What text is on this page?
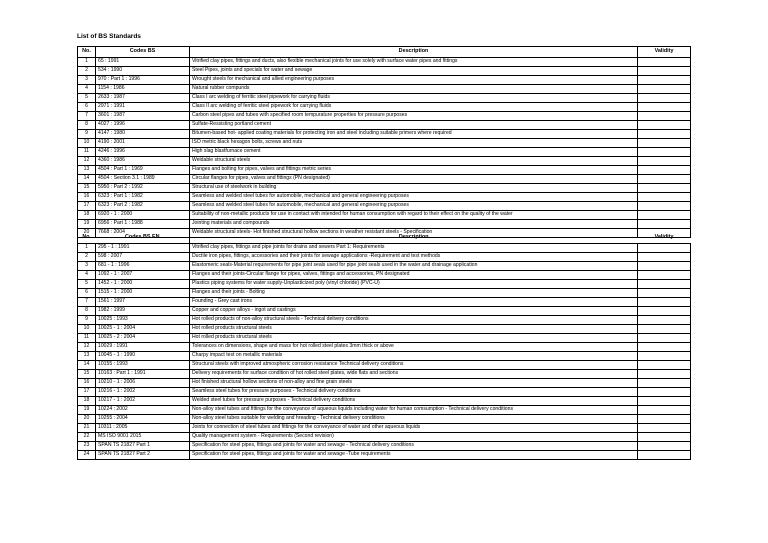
List of BS Standards
No.	Codes BS	Description	Validity
1	65 : 1991	Vitrified clay pipes, fittings and ducts, also flexible mechanical joints for use solely with surface water pipes and fittings	
2	534 : 1990	Steel Pipes, joints and specials for water and sewage	
3	970 : Part 1 : 1996	Wrought steels for mechanical and allied engineering purposes	
4	1154 : 1986	Natural rubber compunds	
5	2633 : 1987	Class I arc welding of ferritic steel pipework for carrying fluids	
6	2971 : 1991	Class II arc welding of ferritic steel pipework for carrying fluids	
7	3601 : 1987	Carbon steel pipes and tubes with specified room tempurature properties for pressure purposes	
8	4027 : 1996	Sulfate-Ressisting portland cement	
9	4147 : 1980	Bitumen-based hot- applied coating materials for protecting iron and steel including suitable primers where required	
10	4190 : 2001	ISO metric black hexagon bolts, screws and nuts	
11	4246 : 1996	High slag blastfurnace cement	
12	4360 : 1986	Weldable structural steels	
13	4504 : Part 1 : 1969	Flanges and bolting for pipes, valves and fittings metric series	
14	4504 : Section 3.1 : 1989	Circular flanges for pipes, valves and fittings (PN designated)	
15	5950 : Part 2 : 1992	Structural use of steelwork in building	
16	6323 : Part 1 : 1982	Seamless and welded steel tubes for automobile, mechanical and general engineering purposes	
17	6323 : Part 2 : 1982	Seamless and welded steel tubes for automobile, mechanical and general engineering purposes	
18	6920 - 1 : 2000	Suitability of non-metallic products for use in contact with intended for human consumption with regard to their effect on the quality of the water	
19	6956 : Part 1 : 1988	Jointing materials and compounds	
20	7668 : 2004	Weldable structural steels- Hot finished structural hollow sections in weather resistant steels - Specification	
No.	Codes BS EN	Description	Validity
1	295 - 1 : 1991	Vitrified clay pipes, fittings and pipe joints for drains and sewers Part 1: Requirements	
2	598 : 2007	Ductile iron pipes, fittings, accessories and their joints for sewage applications -Requirement and test methods	
3	681 - 1 : 1996	Elastomeric seals-Material requirements for pipe joint seals used for pipe joint seals used in the water and drainage application	
4	1092 - 1 : 2007	Flanges and their joints-Circular flange for pipes, valves, fittings and accessories, PN designated	
5	1452 - 1 : 2000	Plastics piping systems for water supply-Unplasticized poly (vinyl chloride) (PVC-U)	
6	1515 - 1 : 2000	Flanges and their joints - Bolting	
7	1561 : 1997	Founding - Grey cast irons	
8	1982 : 1999	Copper and copper alloys - ingot and castings	
9	10025 : 1993	Hot rolled products of non-alloy structural steels - Technical delivery conditions	
10	10025 - 1 : 2004	Hot rolled products structural steels	
11	10025 - 2 : 2004	Hot rolled products structural steels	
12	10029 : 1991	Tolerances on dimensions, shape and mass for hot rolled steel plates 3mm thick or above	
13	10045 - 1 : 1990	Charpy impact test on metallic materials	
14	10155 : 1993	Structural steels with improved atmospheric corrosion resistance Technical delivery conditions	
15	10163 : Part 1 : 1991	Delivery requirements for surface condition of hot rolled steel plates, wide flats and sections	
16	10210 - 1 : 2006	Hot finished structural hollow sections of non-alloy and fine grain steels	
17	10216 - 1 : 2002	Seamless steel tubes for pressure purposes - Technical delivery conditions	
18	10217 - 1 : 2002	Welded steel tubes for pressure purposes - Technical delivery conditions	
19	10224 : 2002	Non-alloy steel tubes and fittings for the conveyance of aqueous liquids including water for human comsumption - Technical delivery conditions	
20	10255 : 2004	Non-alloy steel tubes suitable for welding and hreading - Technical delivery conditions	
21	10311 : 2005	Joints for connection of steel tubes and fittings for the conveyance of water and other aqueous liquids	
22	MS ISO 9001 2015	Quality management system - Requirements (Second revision)	
23	SPAN TS 21827 Part 1	Specification for steel pipes, fittings and joints for water and sewage - Technical delivery conditions	
24	SPAN TS 21827 Part 2	Specification for steel pipes, fittings and joints for water and sewage -Tube requirements	
